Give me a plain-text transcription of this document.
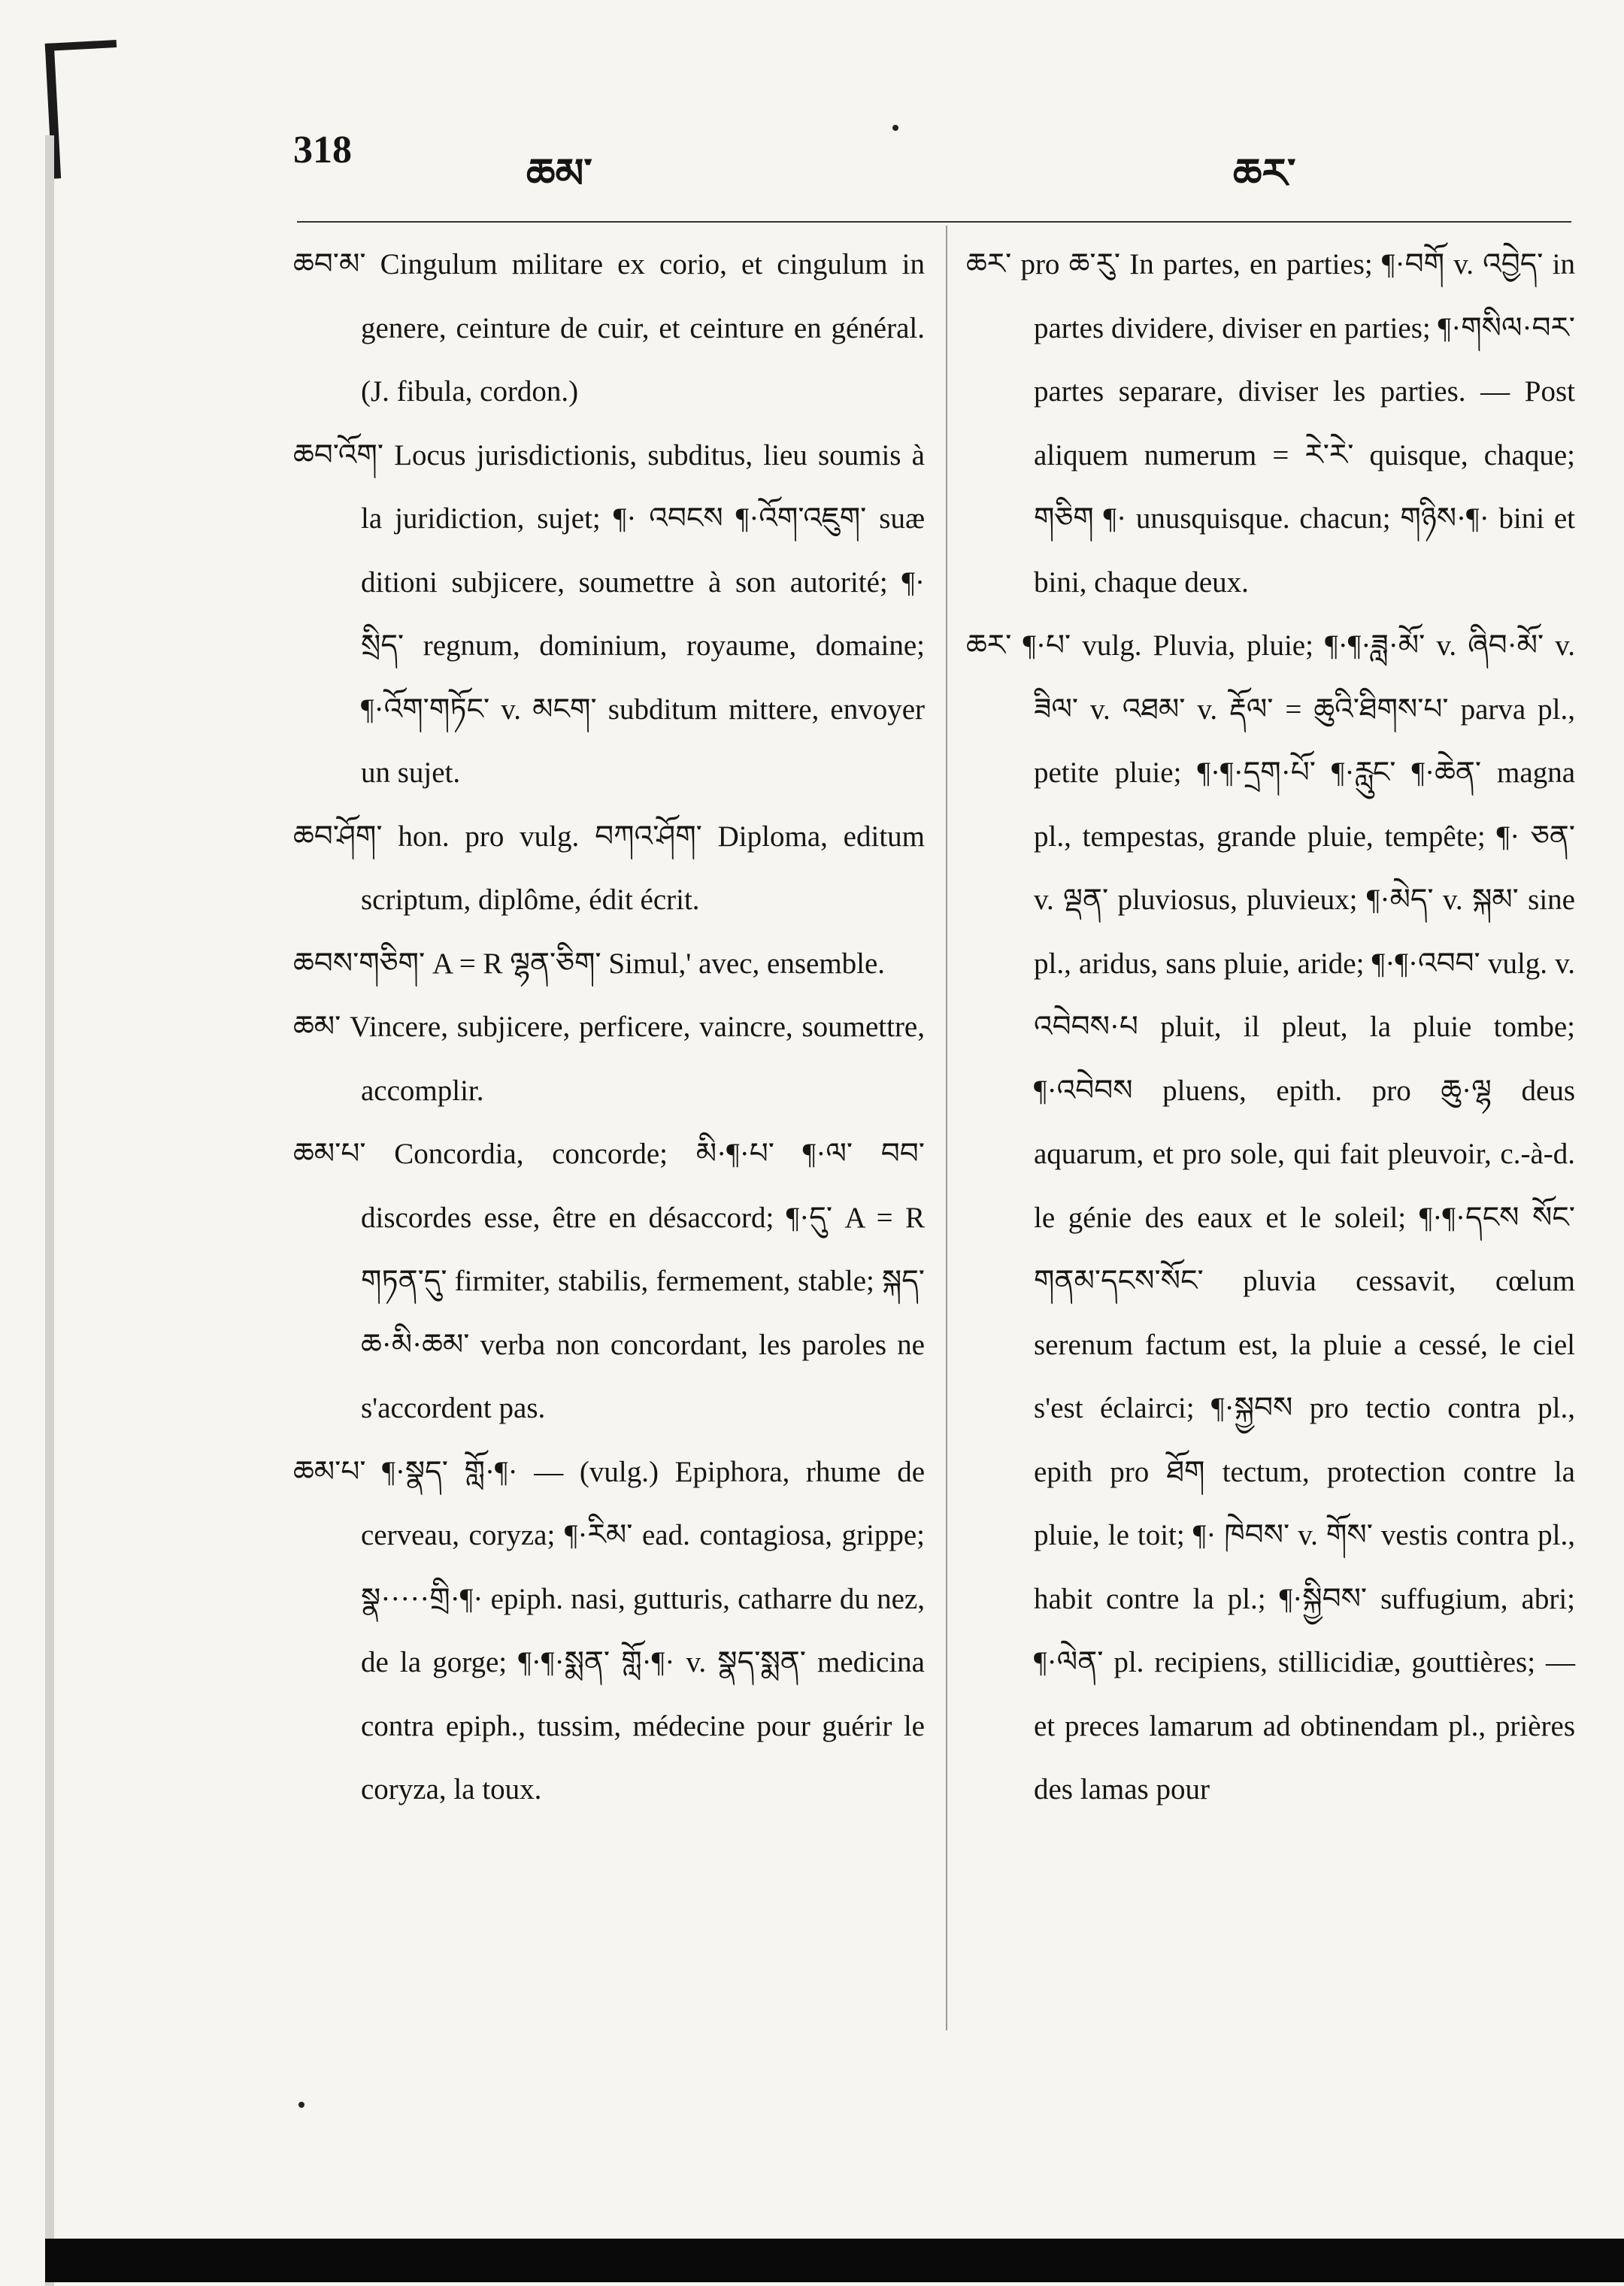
318
ཆམ་	ཆར་

ཆབ་མ་ Cingulum militare ex corio, et cingulum in genere, ceinture de cuir, et ceinture en général. (J. fibula, cordon.)

ཆབ་འོག་ Locus jurisdictionis, subditus, lieu soumis à la juridiction, sujet; ¶· འབངས ¶·འོག་འཇུག་ suæ ditioni subjicere, soumettre à son autorité; ¶· སྲིད་ regnum, dominium, royaume, domaine; ¶·འོག་གཏོང་ v. མངག་ subditum mittere, envoyer un sujet.

ཆབ་ཤོག་ hon. pro vulg. བཀའ་ཤོག་ Diploma, editum scriptum, diplôme, édit écrit.

ཆབས་གཅིག་ A = R ལྷན་ཅིག་ Simul,' avec, ensemble.

ཆམ་ Vincere, subjicere, perficere, vaincre, soumettre, accomplir.

ཆམ་པ་ Concordia, concorde; མི·¶·པ་ ¶·ལ་ བབ་ discordes esse, être en désaccord; ¶·དུ་ A = R གཏན་དུ་ firmiter, stabilis, fermement, stable; སྐད་ཆ·མི·ཆམ་ verba non concordant, les paroles ne s'accordent pas.

ཆམ་པ་ ¶·སྣད་ གློ·¶· — (vulg.) Epiphora, rhume de cerveau, coryza; ¶·རིམ་ ead. contagiosa, grippe; སྣ·····གྲི·¶· epiph. nasi, gutturis, catharre du nez, de la gorge; ¶·¶·སྨན་ གློ·¶· v. སྣད་སྨན་ medicina contra epiph., tussim, médecine pour guérir le coryza, la toux.

ཆར་ pro ཆ་རུ་ In partes, en parties; ¶·བགོ v. འབྱེད་ in partes dividere, diviser en parties; ¶·གསིལ·བར་ partes separare, diviser les parties. — Post aliquem numerum = རེ་རེ་ quisque, chaque; གཅིག ¶· unusquisque. chacun; གཉིས·¶· bini et bini, chaque deux.

ཆར་ ¶·པ་ vulg. Pluvia, pluie; ¶·¶·ཟླ·མོ་ v. ཞིབ·མོ་ v. ཟིལ་ v. འཐམ་ v. རྡོལ་ = ཆུའི་ཐིགས་པ་ parva pl., petite pluie; ¶·¶·དྲག·པོ་ ¶·རླུང་ ¶·ཆེན་ magna pl., tempestas, grande pluie, tempête; ¶· ཅན་ v. ལྡན་ pluviosus, pluvieux; ¶·མེད་ v. སྐམ་ sine pl., aridus, sans pluie, aride; ¶·¶·འབབ་ vulg. v. འབེབས·པ pluit, il pleut, la pluie tombe; ¶·འབེབས pluens, epith. pro ཆུ·ལྷ deus aquarum, et pro sole, qui fait pleuvoir, c.-à-d. le génie des eaux et le soleil; ¶·¶·དངས སོང་ གནམ་དངས་སོང་ pluvia cessavit, cœlum serenum factum est, la pluie a cessé, le ciel s'est éclairci; ¶·སྐྱབས pro tectio contra pl., epith pro ཐོག tectum, protection contre la pluie, le toit; ¶· ཁེབས་ v. གོས་ vestis contra pl., habit contre la pl.; ¶·སྐྱིབས་ suffugium, abri; ¶·ལེན་ pl. recipiens, stillicidiæ, gouttières; — et preces lamarum ad obtinendam pl., prières des lamas pour
